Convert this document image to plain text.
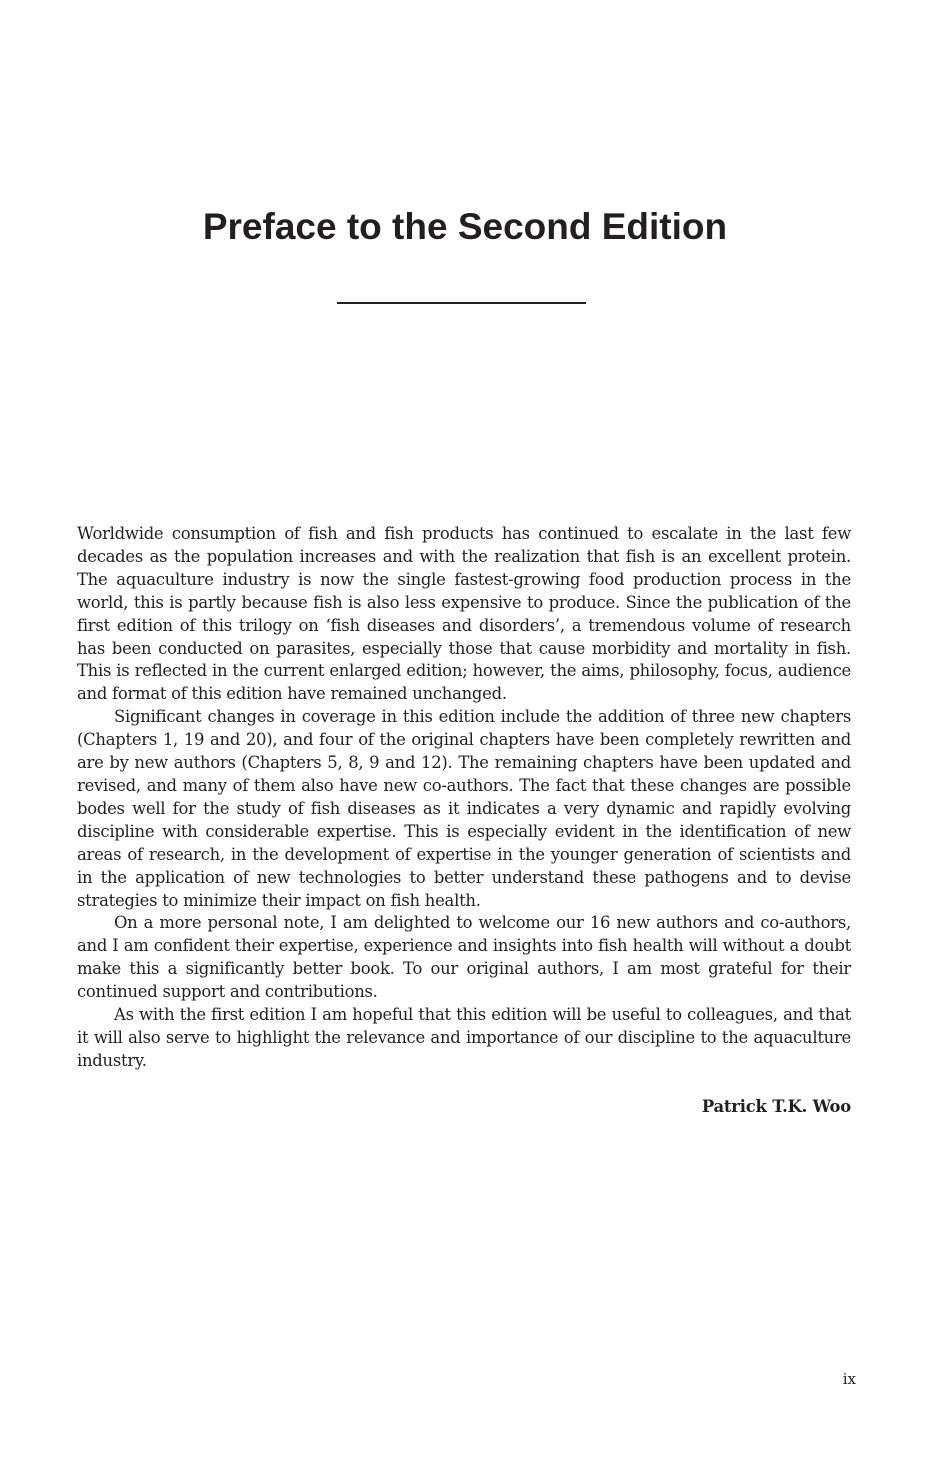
Preface to the Second Edition

Worldwide consumption of fish and fish products has continued to escalate in the last few decades as the population increases and with the realization that fish is an excellent protein. The aquaculture industry is now the single fastest-growing food production process in the world, this is partly because fish is also less expensive to produce. Since the publication of the first edition of this trilogy on ‘fish diseases and disorders’, a tremendous volume of research has been conducted on parasites, especially those that cause morbidity and mortality in fish. This is reflected in the current enlarged edition; however, the aims, philosophy, focus, audience and format of this edition have remained unchanged.

Significant changes in coverage in this edition include the addition of three new chapters (Chapters 1, 19 and 20), and four of the original chapters have been completely rewritten and are by new authors (Chapters 5, 8, 9 and 12). The remaining chapters have been updated and revised, and many of them also have new co-authors. The fact that these changes are possible bodes well for the study of fish diseases as it indicates a very dynamic and rapidly evolving discipline with considerable expertise. This is especially evident in the identification of new areas of research, in the development of expertise in the younger generation of scientists and in the application of new technologies to better understand these pathogens and to devise strategies to minimize their impact on fish health.

On a more personal note, I am delighted to welcome our 16 new authors and co-authors, and I am confident their expertise, experience and insights into fish health will without a doubt make this a significantly better book. To our original authors, I am most grateful for their continued support and contributions.

As with the first edition I am hopeful that this edition will be useful to colleagues, and that it will also serve to highlight the relevance and importance of our discipline to the aquaculture industry.

Patrick T.K. Woo
ix
